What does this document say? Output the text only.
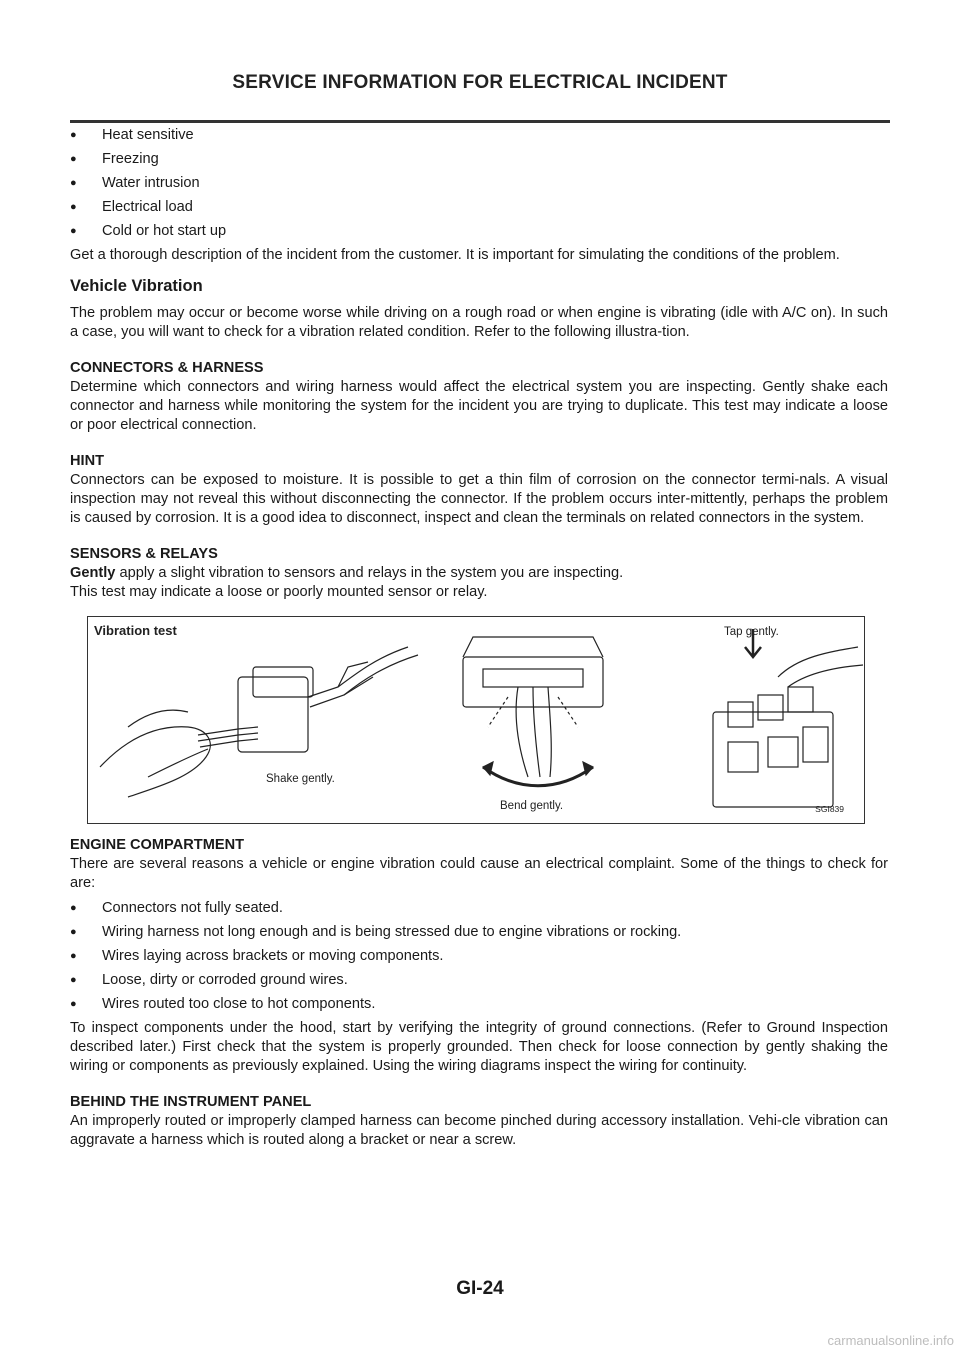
SERVICE INFORMATION FOR ELECTRICAL INCIDENT
● Heat sensitive
● Freezing
● Water intrusion
● Electrical load
● Cold or hot start up

Get a thorough description of the incident from the customer. It is important for simulating the conditions of the problem.

Vehicle Vibration

The problem may occur or become worse while driving on a rough road or when engine is vibrating (idle with A/C on). In such a case, you will want to check for a vibration related condition. Refer to the following illustra-tion.

CONNECTORS & HARNESS

Determine which connectors and wiring harness would affect the electrical system you are inspecting. Gently shake each connector and harness while monitoring the system for the incident you are trying to duplicate. This test may indicate a loose or poor electrical connection.

HINT

Connectors can be exposed to moisture. It is possible to get a thin film of corrosion on the connector termi-nals. A visual inspection may not reveal this without disconnecting the connector. If the problem occurs inter-mittently, perhaps the problem is caused by corrosion. It is a good idea to disconnect, inspect and clean the terminals on related connectors in the system.

SENSORS & RELAYS

Gently apply a slight vibration to sensors and relays in the system you are inspecting.
This test may indicate a loose or poorly mounted sensor or relay.

Vibration test
Shake gently.
Bend gently.
Tap gently.
SGI839
ENGINE COMPARTMENT

There are several reasons a vehicle or engine vibration could cause an electrical complaint. Some of the things to check for are:

● Connectors not fully seated.
● Wiring harness not long enough and is being stressed due to engine vibrations or rocking.
● Wires laying across brackets or moving components.
● Loose, dirty or corroded ground wires.
● Wires routed too close to hot components.

To inspect components under the hood, start by verifying the integrity of ground connections. (Refer to Ground Inspection described later.) First check that the system is properly grounded. Then check for loose connection by gently shaking the wiring or components as previously explained. Using the wiring diagrams inspect the wiring for continuity.

BEHIND THE INSTRUMENT PANEL

An improperly routed or improperly clamped harness can become pinched during accessory installation. Vehi-cle vibration can aggravate a harness which is routed along a bracket or near a screw.

GI-24
carmanualsonline.info
